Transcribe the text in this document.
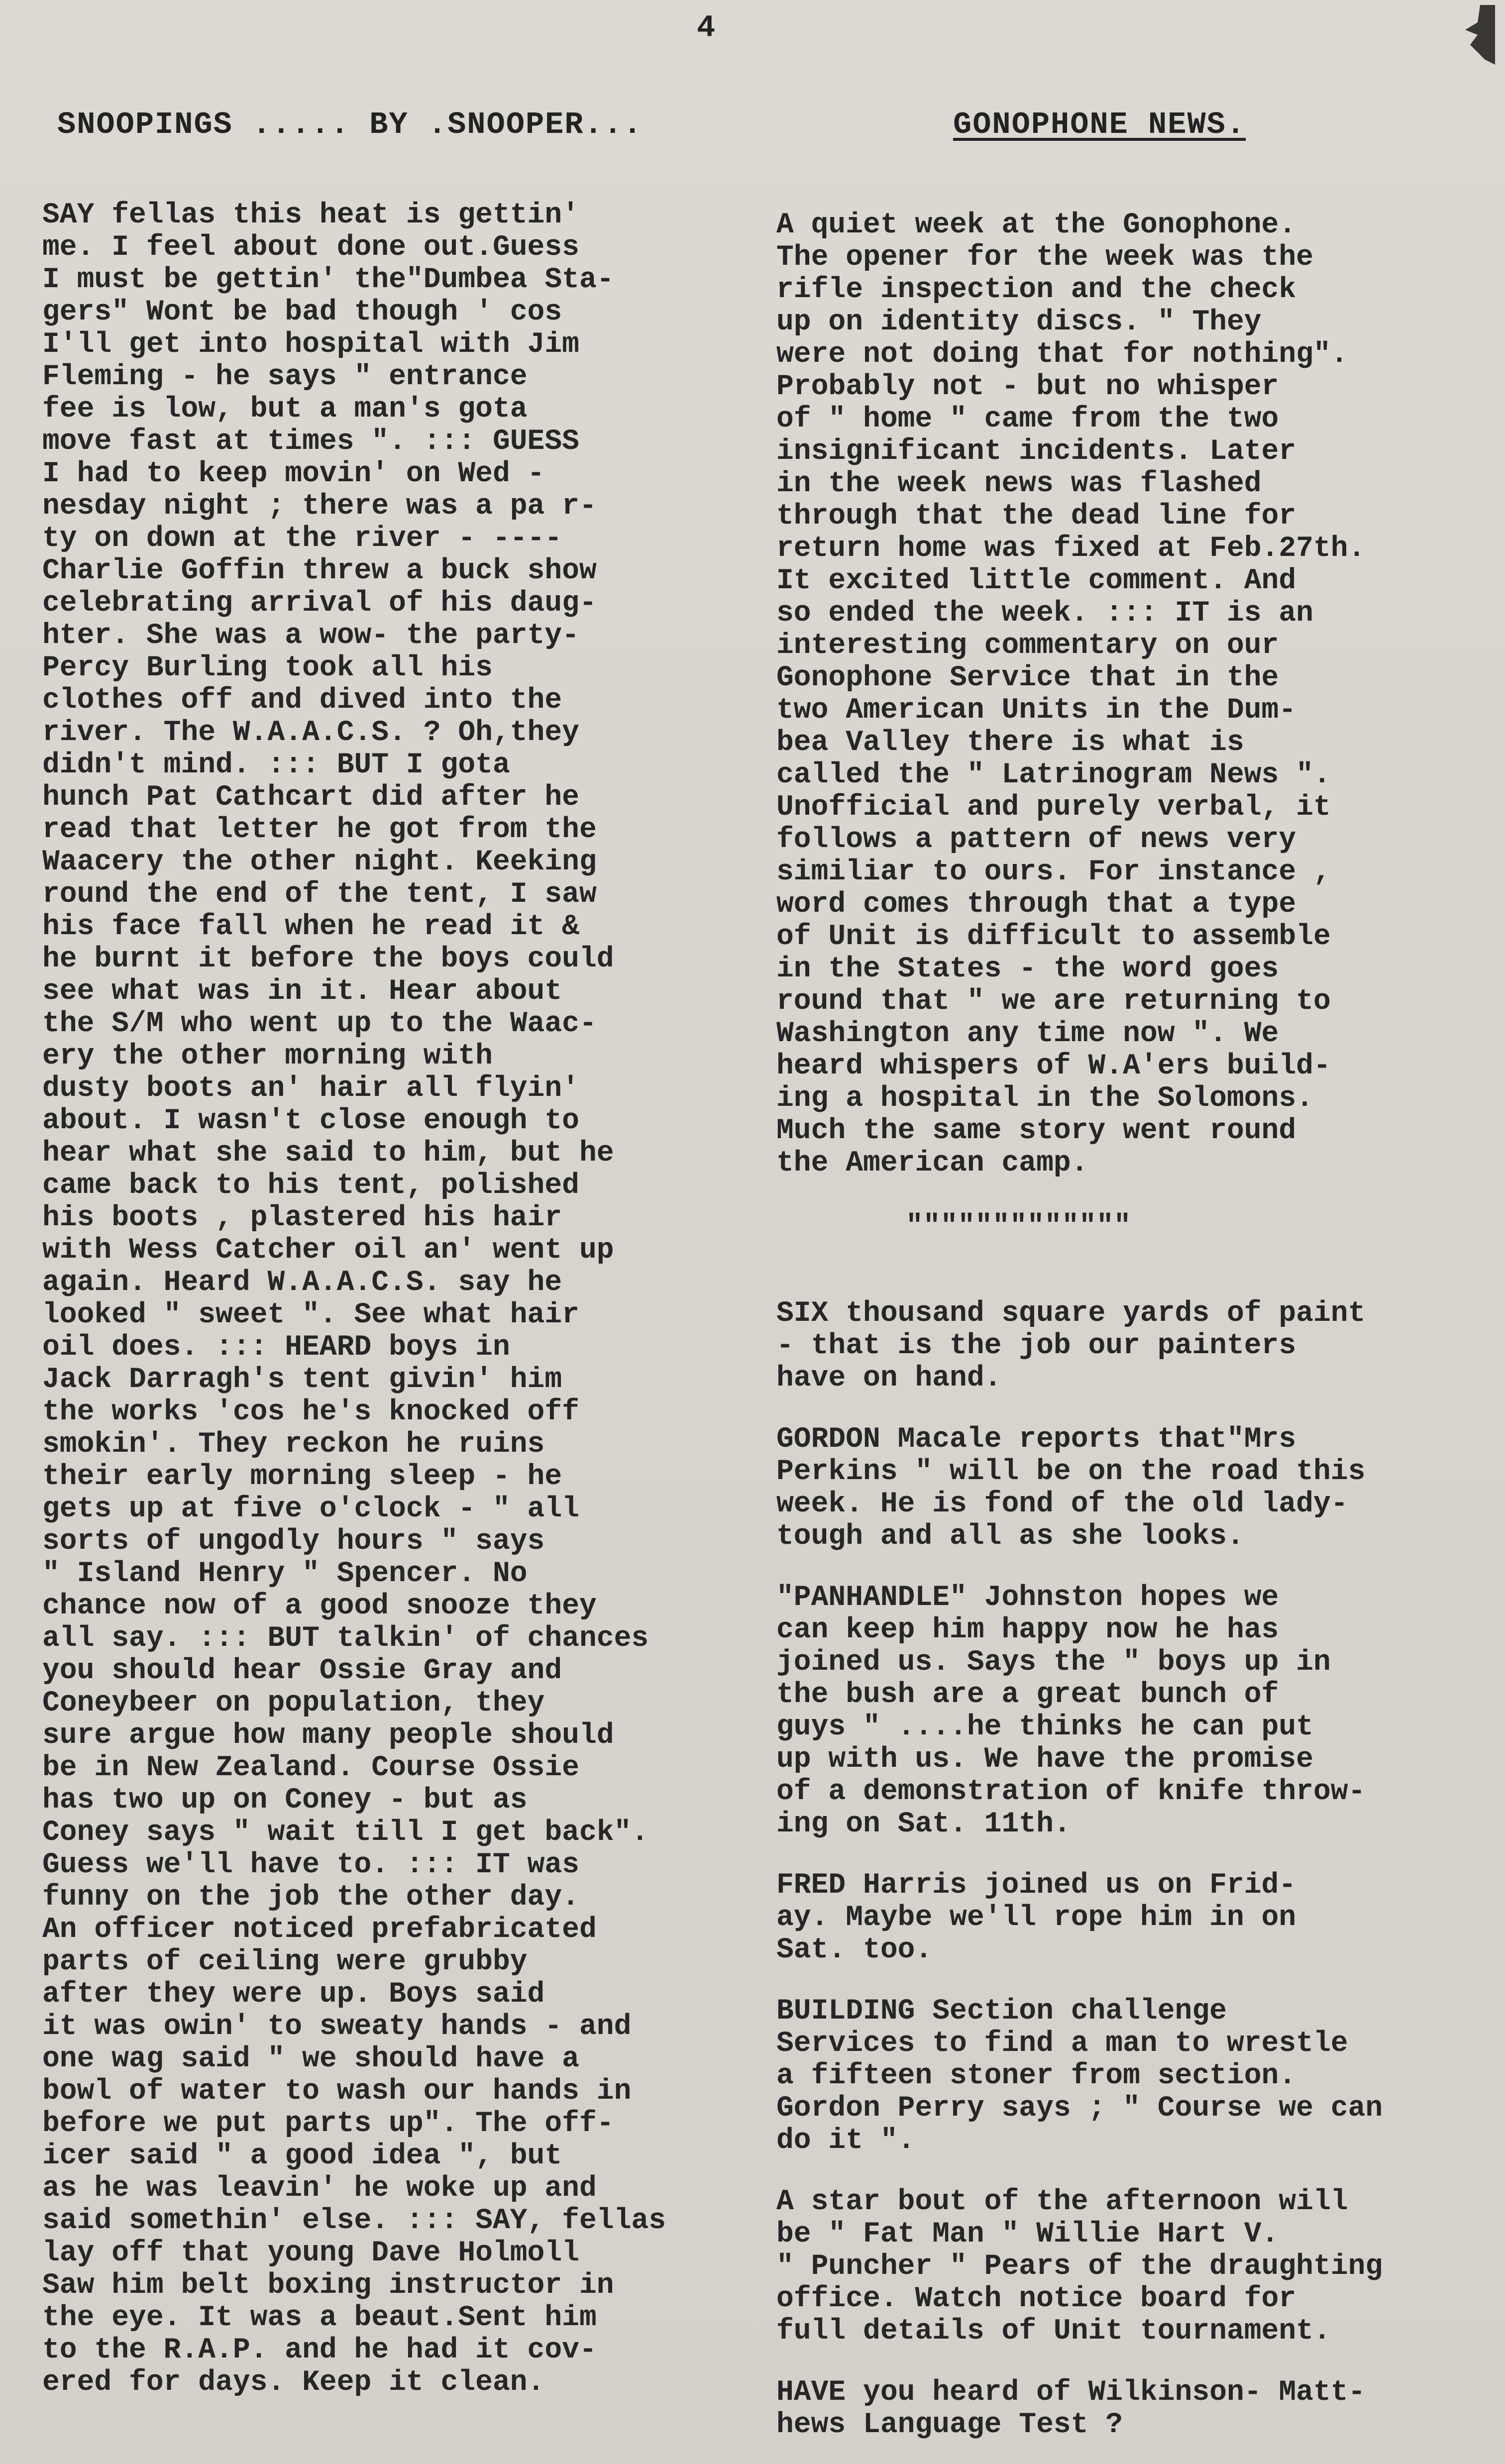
4
SNOOPINGS ..... BY .SNOOPER...	GONOPHONE NEWS.

SAY fellas this heat is gettin'
me. I feel about done out.Guess
I must be gettin' the"Dumbea Sta-
gers" Wont be bad though ' cos
I'll get into hospital with Jim
Fleming - he says " entrance
fee is low, but a man's gota
move fast at times ". ::: GUESS
I had to keep movin' on Wed -
nesday night ; there was a pa r-
ty on down at the river - ----
Charlie Goffin threw a buck show
celebrating arrival of his daug-
hter. She was a wow- the party-
Percy Burling took all his
clothes off and dived into the
river. The W.A.A.C.S. ? Oh,they
didn't mind. ::: BUT I gota
hunch Pat Cathcart did after he
read that letter he got from the
Waacery the other night. Keeking
round the end of the tent, I saw
his face fall when he read it &
he burnt it before the boys could
see what was in it. Hear about
the S/M who went up to the Waac-
ery the other morning with
dusty boots an' hair all flyin'
about. I wasn't close enough to
hear what she said to him, but he
came back to his tent, polished
his boots , plastered his hair
with Wess Catcher oil an' went up
again. Heard W.A.A.C.S. say he
looked " sweet ". See what hair
oil does. ::: HEARD boys in
Jack Darragh's tent givin' him
the works 'cos he's knocked off
smokin'. They reckon he ruins
their early morning sleep - he
gets up at five o'clock - " all
sorts of ungodly hours " says
" Island Henry " Spencer. No
chance now of a good snooze they
all say. ::: BUT talkin' of chances
you should hear Ossie Gray and
Coneybeer on population, they
sure argue how many people should
be in New Zealand. Course Ossie
has two up on Coney - but as
Coney says " wait till I get back".
Guess we'll have to. ::: IT was
funny on the job the other day.
An officer noticed prefabricated
parts of ceiling were grubby
after they were up. Boys said
it was owin' to sweaty hands - and
one wag said " we should have a
bowl of water to wash our hands in
before we put parts up". The off-
icer said " a good idea ", but
as he was leavin' he woke up and
said somethin' else. ::: SAY, fellas
lay off that young Dave Holmoll
Saw him belt boxing instructor in
the eye. It was a beaut.Sent him
to the R.A.P. and he had it cov-
ered for days. Keep it clean.

A quiet week at the Gonophone.
The opener for the week was the
rifle inspection and the check
up on identity discs. " They
were not doing that for nothing".
Probably not - but no whisper
of " home " came from the two
insignificant incidents. Later
in the week news was flashed
through that the dead line for
return home was fixed at Feb.27th.
It excited little comment. And
so ended the week. ::: IT is an
interesting commentary on our
Gonophone Service that in the
two American Units in the Dum-
bea Valley there is what is
called the " Latrinogram News ".
Unofficial and purely verbal, it
follows a pattern of news very
similiar to ours. For instance ,
word comes through that a type
of Unit is difficult to assemble
in the States - the word goes
round that " we are returning to
Washington any time now ". We
heard whispers of W.A'ers build-
ing a hospital in the Solomons.
Much the same story went round
the American camp.

"""""""""""""

SIX thousand square yards of paint
- that is the job our painters
have on hand.

GORDON Macale reports that"Mrs
Perkins " will be on the road this
week. He is fond of the old lady-
tough and all as she looks.

"PANHANDLE" Johnston hopes we
can keep him happy now he has
joined us. Says the " boys up in
the bush are a great bunch of
guys " ....he thinks he can put
up with us. We have the promise
of a demonstration of knife throw-
ing on Sat. 11th.

FRED Harris joined us on Frid-
ay. Maybe we'll rope him in on
Sat. too.

BUILDING Section challenge
Services to find a man to wrestle
a fifteen stoner from section.
Gordon Perry says ; " Course we can
do it ".

A star bout of the afternoon will
be " Fat Man " Willie Hart V.
" Puncher " Pears of the draughting
office. Watch notice board for
full details of Unit tournament.

HAVE you heard of Wilkinson- Matt-
hews Language Test ?
